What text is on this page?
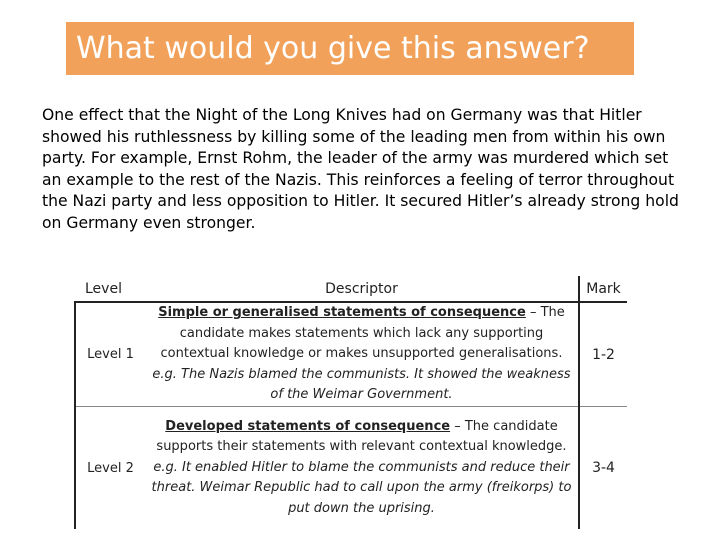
What would you give this answer?

One effect that the Night of the Long Knives had on Germany was that Hitler showed his ruthlessness by killing some of the leading men from within his own party. For example, Ernst Rohm, the leader of the army was murdered which set an example to the rest of the Nazis. This reinforces a feeling of terror throughout the Nazi party and less opposition to Hitler. It secured Hitler’s already strong hold on Germany even stronger.

Level	Descriptor	Mark
Level 1	Simple or generalised statements of consequence – The candidate makes statements which lack any supporting contextual knowledge or makes unsupported generalisations. e.g. The Nazis blamed the communists. It showed the weakness of the Weimar Government.	1-2
Level 2	Developed statements of consequence – The candidate supports their statements with relevant contextual knowledge. e.g. It enabled Hitler to blame the communists and reduce their threat. Weimar Republic had to call upon the army (freikorps) to put down the uprising.	3-4
